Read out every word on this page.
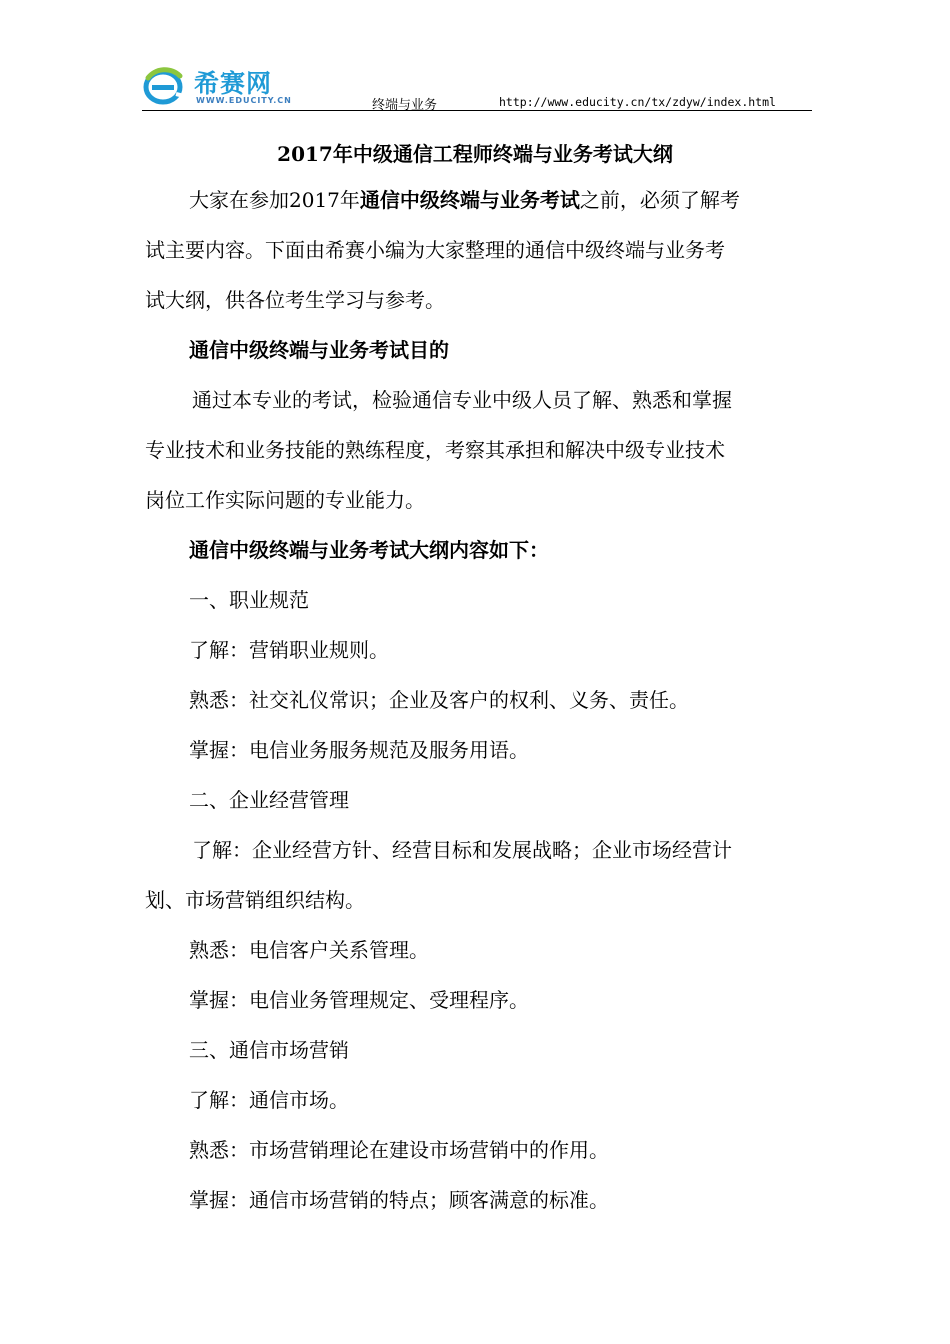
希赛网
WWW.EDUCITY.CN	终端与业务	http://www.educity.cn/tx/zdyw/index.html
2017年中级通信工程师终端与业务考试大纲
大家在参加2017年通信中级终端与业务考试之前，必须了解考
试主要内容。下面由希赛小编为大家整理的通信中级终端与业务考
试大纲，供各位考生学习与参考。
通信中级终端与业务考试目的
通过本专业的考试，检验通信专业中级人员了解、熟悉和掌握
专业技术和业务技能的熟练程度，考察其承担和解决中级专业技术
岗位工作实际问题的专业能力。
通信中级终端与业务考试大纲内容如下：
一、职业规范
了解：营销职业规则。
熟悉：社交礼仪常识；企业及客户的权利、义务、责任。
掌握：电信业务服务规范及服务用语。
二、企业经营管理
了解：企业经营方针、经营目标和发展战略；企业市场经营计
划、市场营销组织结构。
熟悉：电信客户关系管理。
掌握：电信业务管理规定、受理程序。
三、通信市场营销
了解：通信市场。
熟悉：市场营销理论在建设市场营销中的作用。
掌握：通信市场营销的特点；顾客满意的标准。
